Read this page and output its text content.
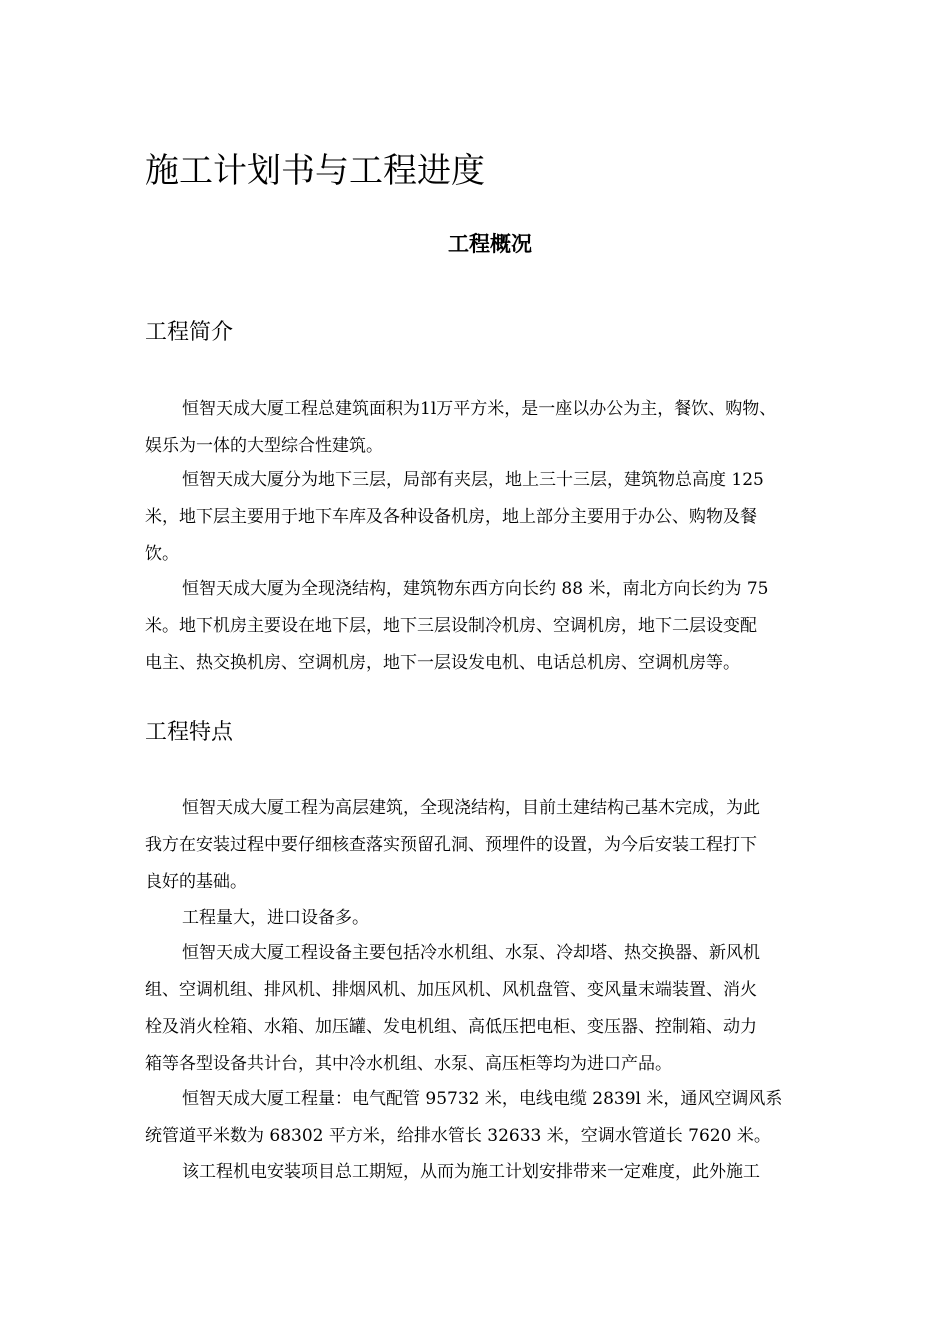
施工计划书与工程进度
工程概况
工程简介
恒智天成大厦工程总建筑面积为1l万平方米，是一座以办公为主，餐饮、购物、
娱乐为一体的大型综合性建筑。
恒智天成大厦分为地下三层，局部有夹层，地上三十三层，建筑物总高度 125
米，地下层主要用于地下车库及各种设备机房，地上部分主要用于办公、购物及餐
饮。
恒智天成大厦为全现浇结构，建筑物东西方向长约 88 米，南北方向长约为 75
米。地下机房主要设在地下层，地下三层设制冷机房、空调机房，地下二层设变配
电主、热交换机房、空调机房，地下一层设发电机、电话总机房、空调机房等。
工程特点
恒智天成大厦工程为高层建筑，全现浇结构，目前土建结构己基木完成，为此
我方在安装过程中要仔细核查落实预留孔洞、预埋件的设置，为今后安装工程打下
良好的基础。
工程量大，进口设备多。
恒智天成大厦工程设备主要包括冷水机组、水泵、冷却塔、热交换器、新风机
组、空调机组、排风机、排烟风机、加压风机、风机盘管、变风量末端装置、消火
栓及消火栓箱、水箱、加压罐、发电机组、高低压把电柜、变压器、控制箱、动力
箱等各型设备共计台，其中冷水机组、水泵、高压柜等均为进口产品。
恒智天成大厦工程量：电气配管 95732 米，电线电缆 2839l 米，通风空调风系
统管道平米数为 68302 平方米，给排水管长 32633 米，空调水管道长 7620 米。
该工程机电安装项目总工期短，从而为施工计划安排带来一定难度，此外施工
